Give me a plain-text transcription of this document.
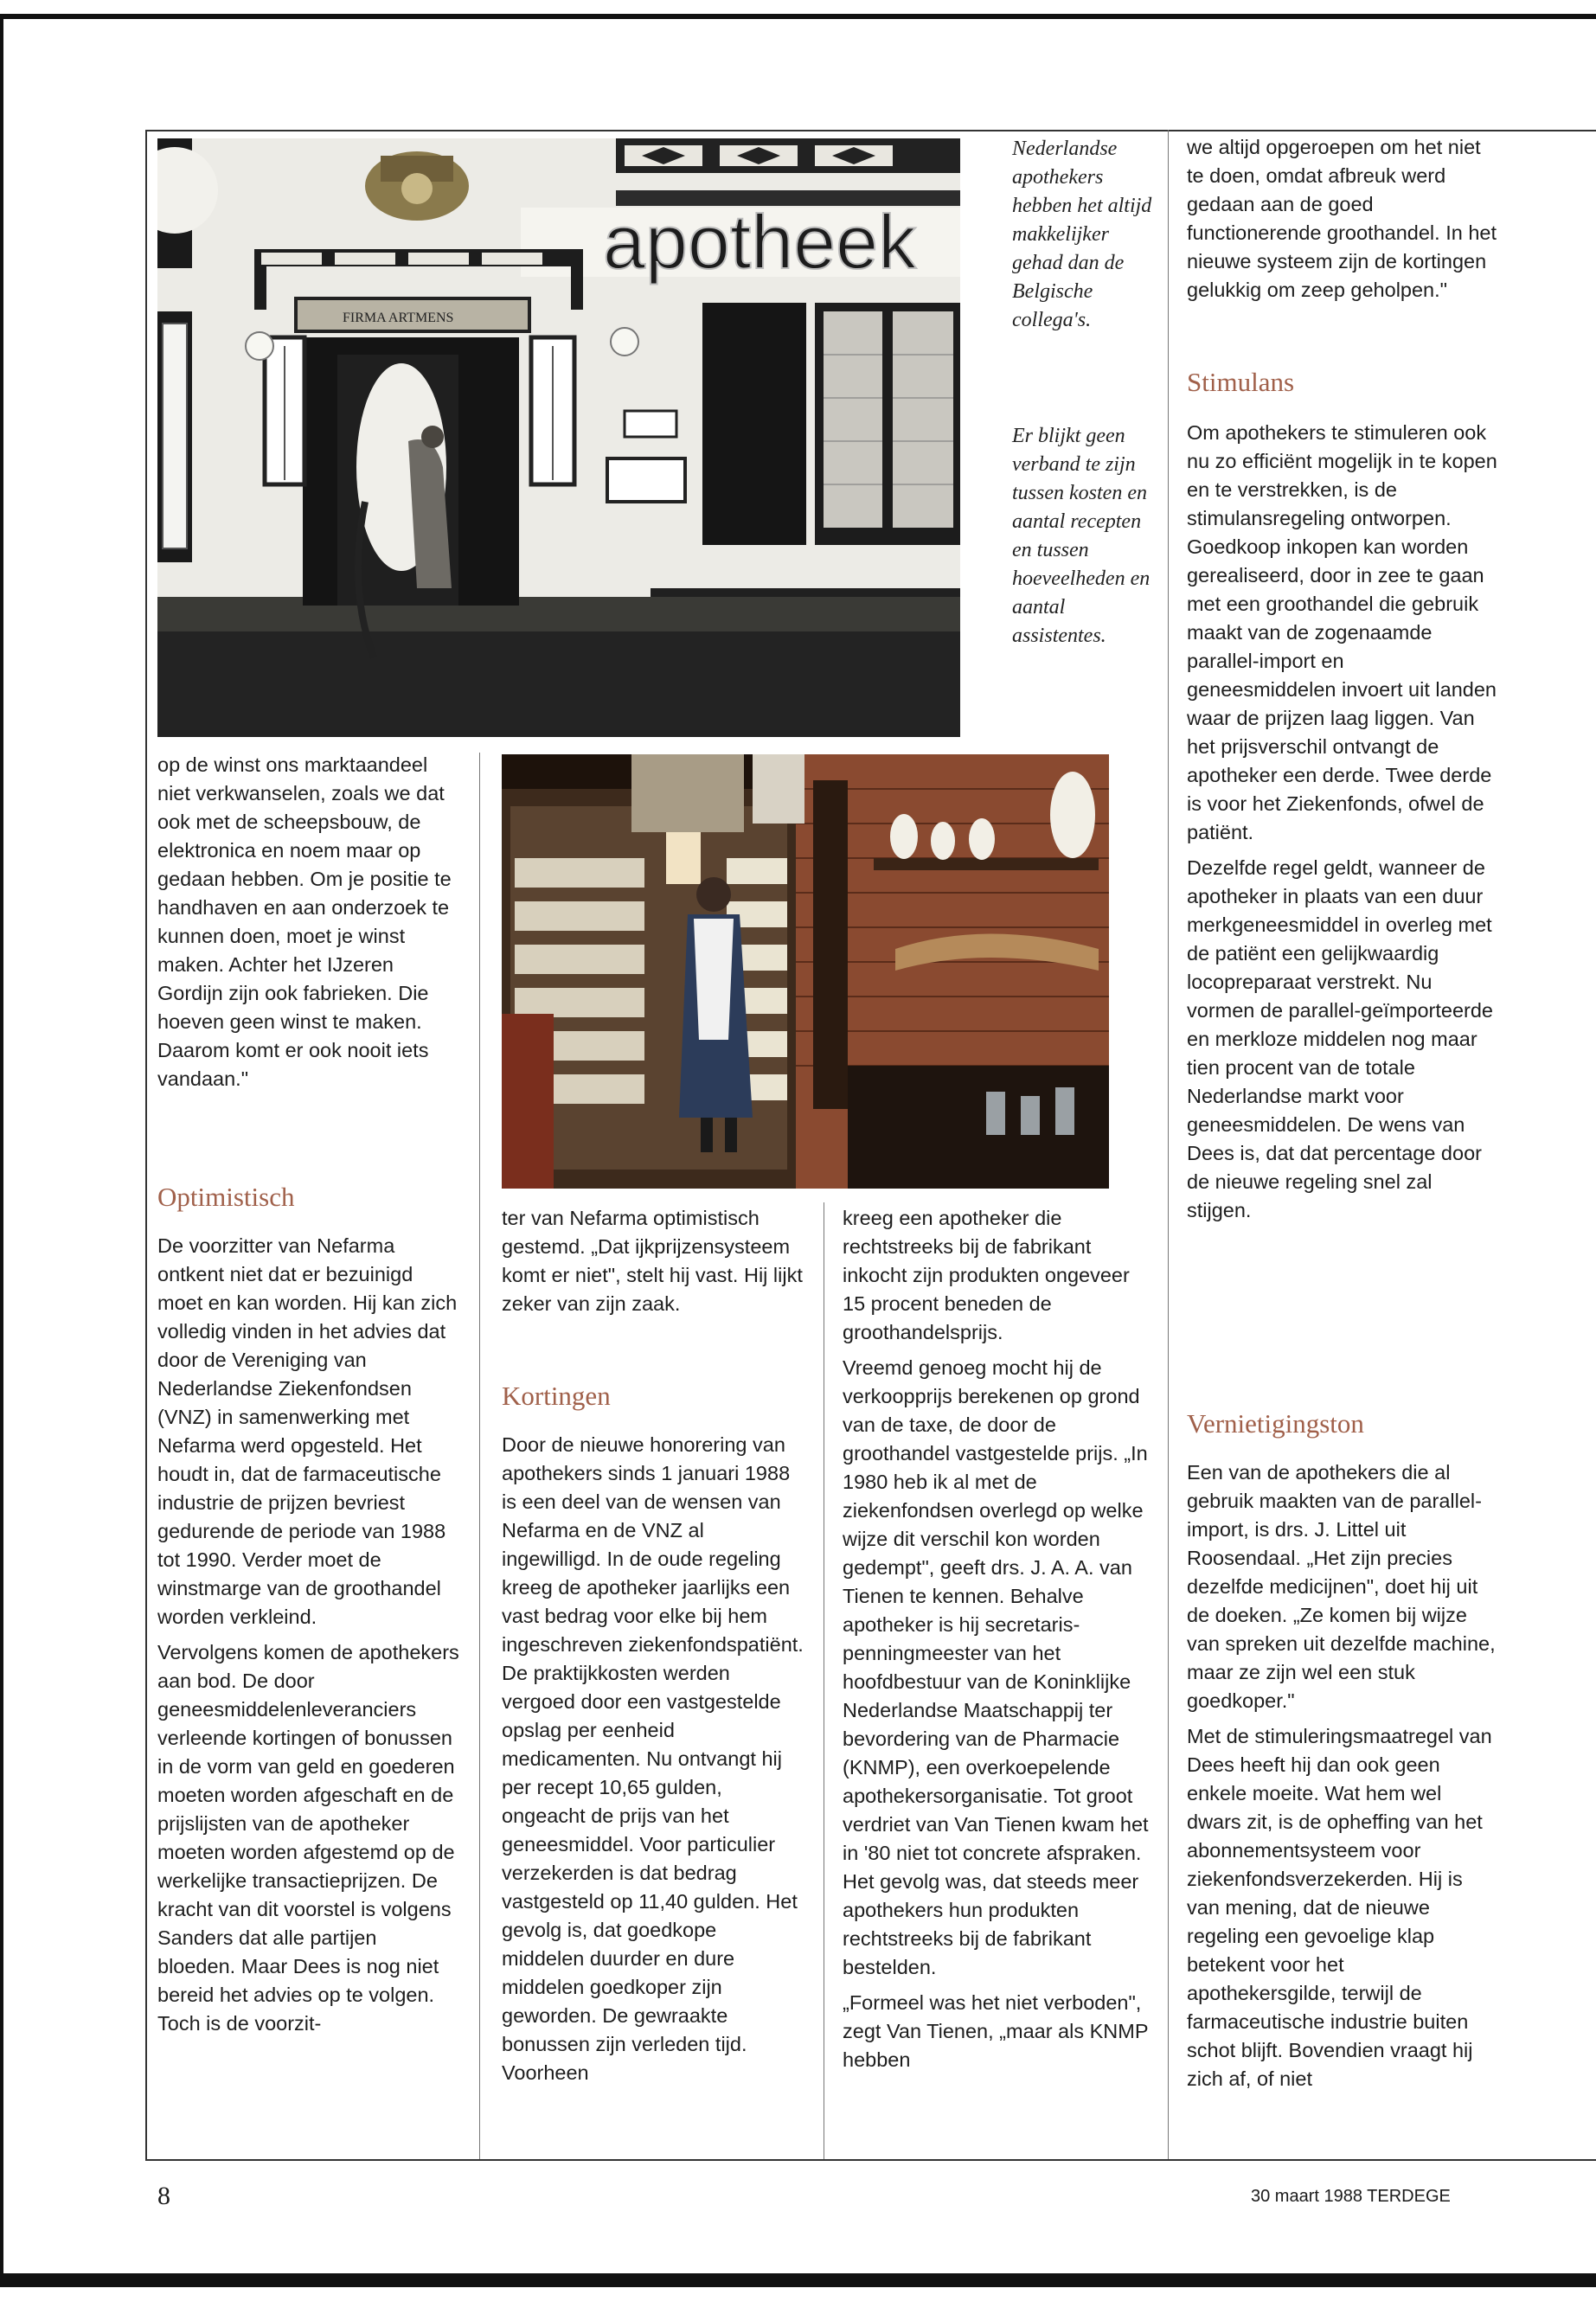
apotheek
FIRMA ARTMENS
Nederlandse apothekers hebben het altijd makkelijker gehad dan de Belgische collega's.
Er blijkt geen verband te zijn tussen kosten en aantal recepten en tussen hoeveelheden en aantal assistentes.

op de winst ons marktaandeel niet verkwanselen, zoals we dat ook met de scheepsbouw, de elektronica en noem maar op gedaan hebben. Om je positie te handhaven en aan onderzoek te kunnen doen, moet je winst maken. Achter het IJzeren Gordijn zijn ook fabrieken. Die hoeven geen winst te maken. Daarom komt er ook nooit iets vandaan."

Optimistisch

De voorzitter van Nefarma ontkent niet dat er bezuinigd moet en kan worden. Hij kan zich volledig vinden in het advies dat door de Vereniging van Nederlandse Ziekenfondsen (VNZ) in samenwerking met Nefarma werd opgesteld. Het houdt in, dat de farmaceutische industrie de prijzen bevriest gedurende de periode van 1988 tot 1990. Verder moet de winstmarge van de groothandel worden verkleind.

Vervolgens komen de apothekers aan bod. De door geneesmiddelenleveranciers verleende kortingen of bonussen in de vorm van geld en goederen moeten worden afgeschaft en de prijslijsten van de apotheker moeten worden afgestemd op de werkelijke transactieprijzen. De kracht van dit voorstel is volgens Sanders dat alle partijen bloeden. Maar Dees is nog niet bereid het advies op te volgen. Toch is de voorzit-

ter van Nefarma optimistisch gestemd. „Dat ijkprijzensysteem komt er niet", stelt hij vast. Hij lijkt zeker van zijn zaak.

Kortingen

Door de nieuwe honorering van apothekers sinds 1 januari 1988 is een deel van de wensen van Nefarma en de VNZ al ingewilligd. In de oude regeling kreeg de apotheker jaarlijks een vast bedrag voor elke bij hem ingeschreven ziekenfondspatiënt. De praktijkkosten werden vergoed door een vastgestelde opslag per eenheid medicamenten. Nu ontvangt hij per recept 10,65 gulden, ongeacht de prijs van het geneesmiddel. Voor particulier verzekerden is dat bedrag vastgesteld op 11,40 gulden. Het gevolg is, dat goedkope middelen duurder en dure middelen goedkoper zijn geworden. De gewraakte bonussen zijn verleden tijd. Voorheen

kreeg een apotheker die rechtstreeks bij de fabrikant inkocht zijn produkten ongeveer 15 procent beneden de groothandelsprijs.

Vreemd genoeg mocht hij de verkoopprijs berekenen op grond van de taxe, de door de groothandel vastgestelde prijs. „In 1980 heb ik al met de ziekenfondsen overlegd op welke wijze dit verschil kon worden gedempt", geeft drs. J. A. A. van Tienen te kennen. Behalve apotheker is hij secretaris-penningmeester van het hoofdbestuur van de Koninklijke Nederlandse Maatschappij ter bevordering van de Pharmacie (KNMP), een overkoepelende apothekersorganisatie. Tot groot verdriet van Van Tienen kwam het in '80 niet tot concrete afspraken. Het gevolg was, dat steeds meer apothekers hun produkten rechtstreeks bij de fabrikant bestelden.

„Formeel was het niet verboden", zegt Van Tienen, „maar als KNMP hebben

we altijd opgeroepen om het niet te doen, omdat afbreuk werd gedaan aan de goed functionerende groothandel. In het nieuwe systeem zijn de kortingen gelukkig om zeep geholpen."

Stimulans

Om apothekers te stimuleren ook nu zo efficiënt mogelijk in te kopen en te verstrekken, is de stimulansregeling ontworpen. Goedkoop inkopen kan worden gerealiseerd, door in zee te gaan met een groothandel die gebruik maakt van de zogenaamde parallel-import en geneesmiddelen invoert uit landen waar de prijzen laag liggen. Van het prijsverschil ontvangt de apotheker een derde. Twee derde is voor het Ziekenfonds, ofwel de patiënt.

Dezelfde regel geldt, wanneer de apotheker in plaats van een duur merkgeneesmiddel in overleg met de patiënt een gelijkwaardig locopreparaat verstrekt. Nu vormen de parallel-geïmporteerde en merkloze middelen nog maar tien procent van de totale Nederlandse markt voor geneesmiddelen. De wens van Dees is, dat dat percentage door de nieuwe regeling snel zal stijgen.

Vernietigingston

Een van de apothekers die al gebruik maakten van de parallel-import, is drs. J. Littel uit Roosendaal. „Het zijn precies dezelfde medicijnen", doet hij uit de doeken. „Ze komen bij wijze van spreken uit dezelfde machine, maar ze zijn wel een stuk goedkoper."

Met de stimuleringsmaatregel van Dees heeft hij dan ook geen enkele moeite. Wat hem wel dwars zit, is de opheffing van het abonnementsysteem voor ziekenfondsverzekerden. Hij is van mening, dat de nieuwe regeling een gevoelige klap betekent voor het apothekersgilde, terwijl de farmaceutische industrie buiten schot blijft. Bovendien vraagt hij zich af, of niet

8	30 maart 1988 TERDEGE
